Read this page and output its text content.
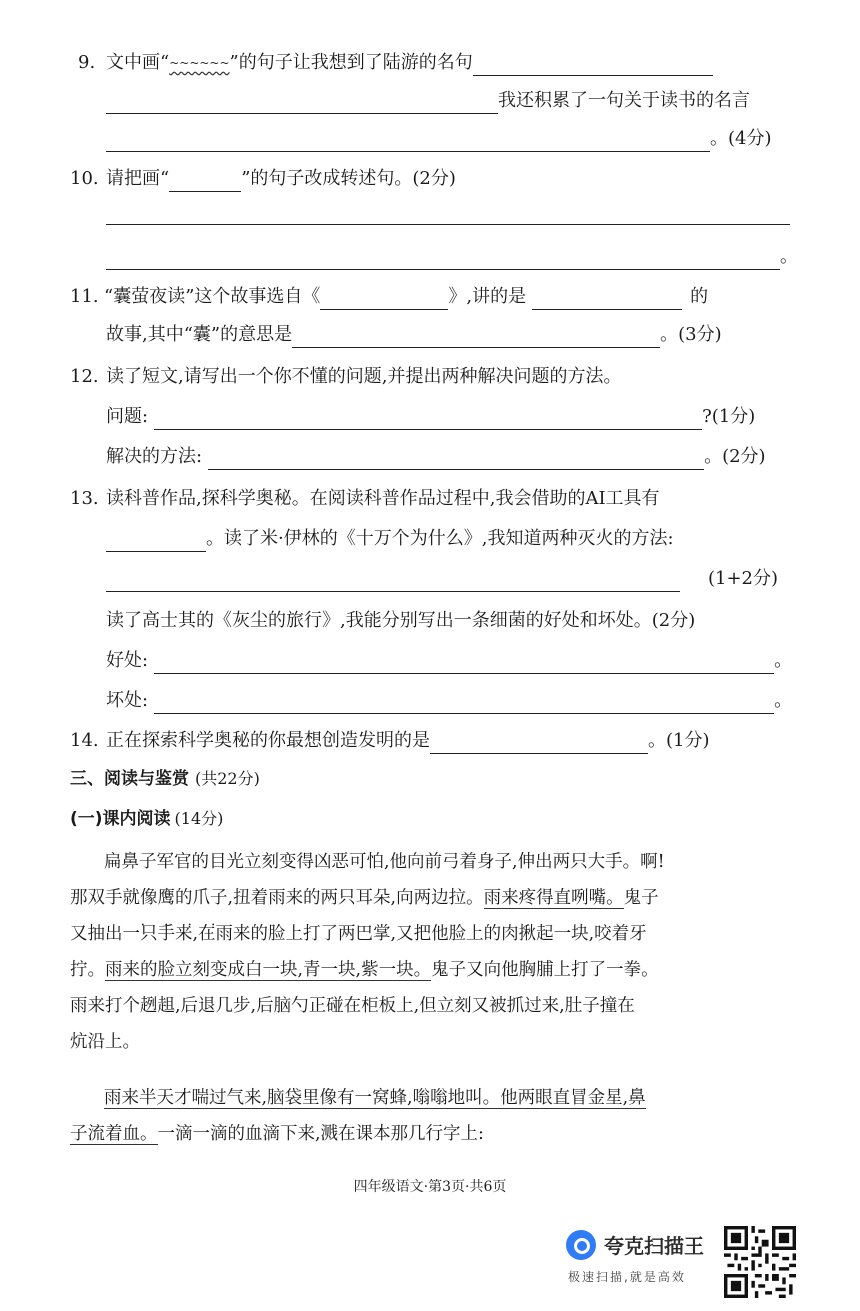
9. 文中画“ ~~~~~~ ”的句子让我想到了陆游的名句
我还积累了一句关于读书的名言
。(4分)
10. 请把画“	”的句子改成转述句。(2分)
。
11. “囊萤夜读”这个故事选自《	》,讲的是	的
故事,其中“囊”的意思是	。(3分)
12. 读了短文,请写出一个你不懂的问题,并提出两种解决问题的方法。
问题:	?(1分)
解决的方法:	。(2分)
13. 读科普作品,探科学奥秘。在阅读科普作品过程中,我会借助的AI工具有
。读了米·伊林的《十万个为什么》,我知道两种灭火的方法:
(1+2分)
读了高士其的《灰尘的旅行》,我能分别写出一条细菌的好处和坏处。(2分)
好处:	。
坏处:	。
14. 正在探索科学奥秘的你最想创造发明的是	。(1分)
三、阅读与鉴赏 (共22分)
(一)课内阅读 (14分)
扁鼻子军官的目光立刻变得凶恶可怕,他向前弓着身子,伸出两只大手。啊!
那双手就像鹰的爪子 • • • •,扭着雨来的两只耳朵,向两边拉。雨来疼得直咧嘴。鬼子
又抽出一只手来,在雨来的脸上打了两巴掌,又把他脸上的肉揪起一块,咬着牙
拧。雨来的脸立刻变成白一块,青一块,紫一块。鬼子又向他胸脯上打了一拳。
雨来打个趔趄,后退几步,后脑勺正碰在柜板上,但立刻又被抓过来,肚子撞在
炕沿上。
雨来半天才喘过气来,脑袋里像有一窝蜂,嗡嗡地叫。他两眼直冒金星,鼻
子流着血。一滴一滴的血滴下来,溅在课本那几行字上:
四年级语文·第3页·共6页
夸克扫描王
极速扫描,就是高效
